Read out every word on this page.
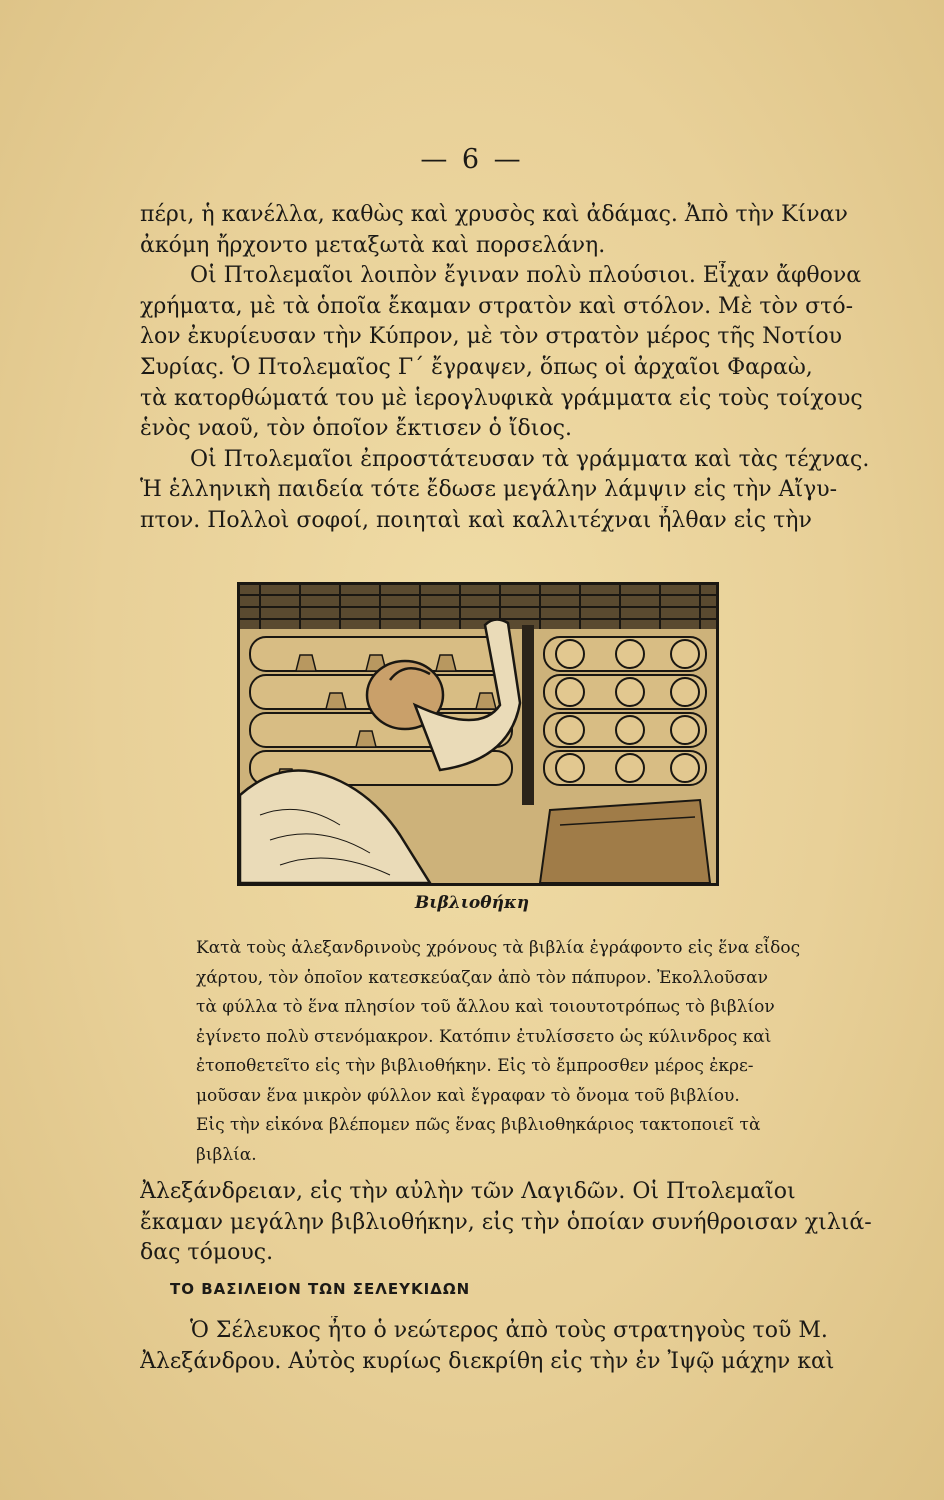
— 6 —
πέρι, ἡ κανέλλα, καθὼς καὶ χρυσὸς καὶ ἀδάμας. Ἀπὸ τὴν Κίναν
ἀκόμη ἤρχοντο μεταξωτὰ καὶ πορσελάνη.
Οἱ Πτολεμαῖοι λοιπὸν ἔγιναν πολὺ πλούσιοι. Εἶχαν ἄφθονα
χρήματα, μὲ τὰ ὁποῖα ἔκαμαν στρατὸν καὶ στόλον. Μὲ τὸν στό-
λον ἐκυρίευσαν τὴν Κύπρον, μὲ τὸν στρατὸν μέρος τῆς Νοτίου
Συρίας. Ὁ Πτολεμαῖος Γ΄ ἔγραψεν, ὅπως οἱ ἀρχαῖοι Φαραὼ,
τὰ κατορθώματά του μὲ ἱερογλυφικὰ γράμματα εἰς τοὺς τοίχους
ἑνὸς ναοῦ, τὸν ὁποῖον ἔκτισεν ὁ ἴδιος.
Οἱ Πτολεμαῖοι ἐπροστάτευσαν τὰ γράμματα καὶ τὰς τέχνας.
Ἡ ἑλληνικὴ παιδεία τότε ἔδωσε μεγάλην λάμψιν εἰς τὴν Αἴγυ-
πτον. Πολλοὶ σοφοί, ποιηταὶ καὶ καλλιτέχναι ἦλθαν εἰς τὴν
Βιβλιοθήκη
Κατὰ τοὺς ἀλεξανδρινοὺς χρόνους τὰ βιβλία ἐγράφοντο εἰς ἕνα εἶδος
χάρτου, τὸν ὁποῖον κατεσκεύαζαν ἀπὸ τὸν πάπυρον. Ἐκολλοῦσαν
τὰ φύλλα τὸ ἕνα πλησίον τοῦ ἄλλου καὶ τοιουτοτρόπως τὸ βιβλίον
ἐγίνετο πολὺ στενόμακρον. Κατόπιν ἐτυλίσσετο ὡς κύλινδρος καὶ
ἐτοποθετεῖτο εἰς τὴν βιβλιοθήκην. Εἰς τὸ ἔμπροσθεν μέρος ἐκρε-
μοῦσαν ἕνα μικρὸν φύλλον καὶ ἔγραφαν τὸ ὄνομα τοῦ βιβλίου.
Εἰς τὴν εἰκόνα βλέπομεν πῶς ἕνας βιβλιοθηκάριος τακτοποιεῖ τὰ
βιβλία.
Ἀλεξάνδρειαν, εἰς τὴν αὐλὴν τῶν Λαγιδῶν. Οἱ Πτολεμαῖοι
ἔκαμαν μεγάλην βιβλιοθήκην, εἰς τὴν ὁποίαν συνήθροισαν χιλιά-
δας τόμους.
ΤΟ ΒΑΣΙΛΕΙΟΝ ΤΩΝ ΣΕΛΕΥΚΙΔΩΝ
Ὁ Σέλευκος ἦτο ὁ νεώτερος ἀπὸ τοὺς στρατηγοὺς τοῦ Μ.
Ἀλεξάνδρου. Αὐτὸς κυρίως διεκρίθη εἰς τὴν ἐν Ἰψῷ μάχην καὶ
